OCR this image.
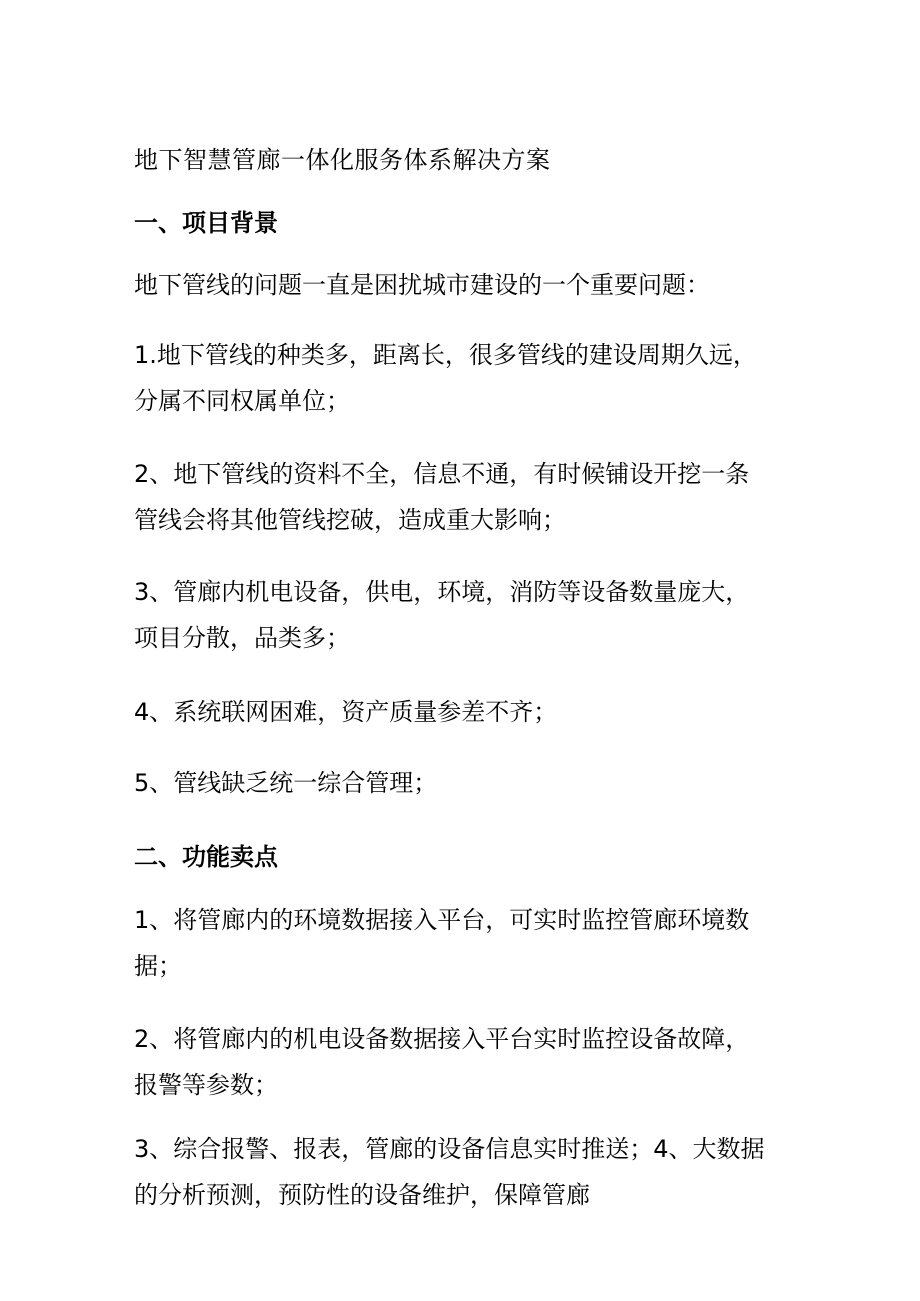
地下智慧管廊一体化服务体系解决方案
一、项目背景
地下管线的问题一直是困扰城市建设的一个重要问题：
1.地下管线的种类多，距离长，很多管线的建设周期久远，
分属不同权属单位；
2、地下管线的资料不全，信息不通，有时候铺设开挖一条
管线会将其他管线挖破，造成重大影响；
3、管廊内机电设备，供电，环境，消防等设备数量庞大，
项目分散，品类多；
4、系统联网困难，资产质量参差不齐；
5、管线缺乏统一综合管理；
二、功能卖点
1、将管廊内的环境数据接入平台，可实时监控管廊环境数
据；
2、将管廊内的机电设备数据接入平台实时监控设备故障，
报警等参数；
3、综合报警、报表，管廊的设备信息实时推送；4、大数据
的分析预测，预防性的设备维护，保障管廊
